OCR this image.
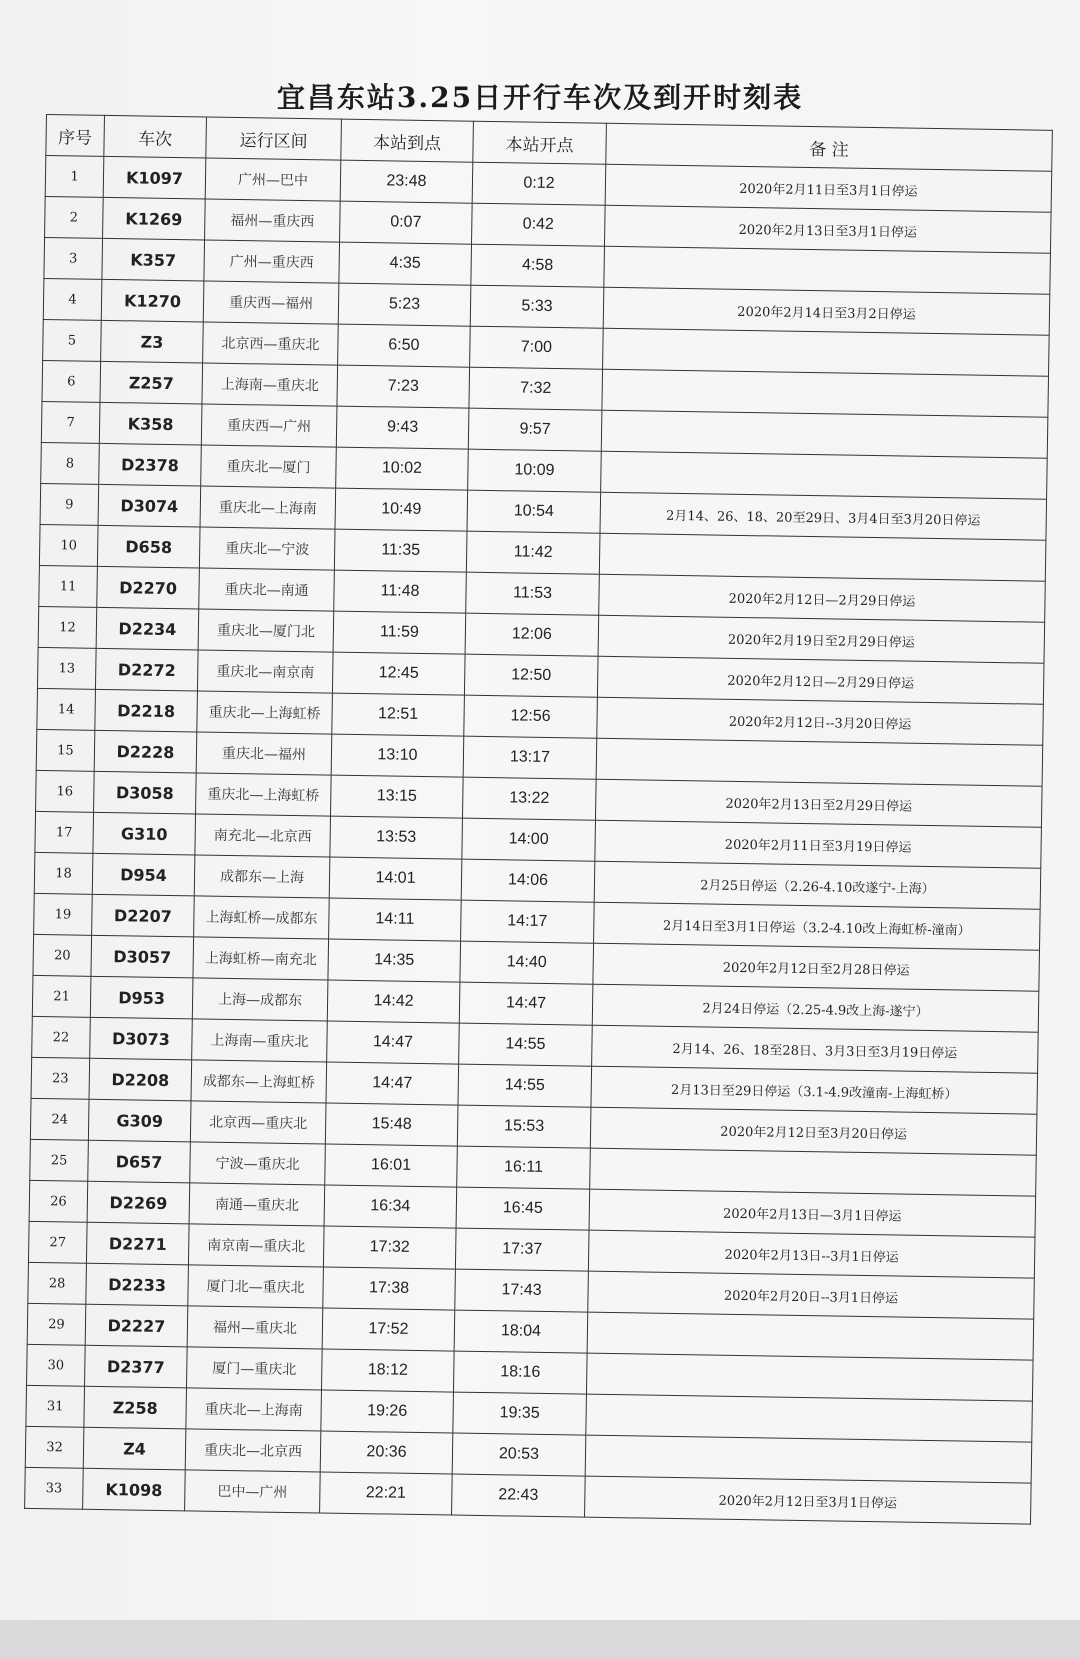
宜昌东站3.25日开行车次及到开时刻表
序号	车次	运行区间	本站到点	本站开点	备 注
1	K1097	广州—巴中	23:48	0:12	2020年2月11日至3月1日停运
2	K1269	福州—重庆西	0:07	0:42	2020年2月13日至3月1日停运
3	K357	广州—重庆西	4:35	4:58	
4	K1270	重庆西—福州	5:23	5:33	2020年2月14日至3月2日停运
5	Z3	北京西—重庆北	6:50	7:00	
6	Z257	上海南—重庆北	7:23	7:32	
7	K358	重庆西—广州	9:43	9:57	
8	D2378	重庆北—厦门	10:02	10:09	
9	D3074	重庆北—上海南	10:49	10:54	2月14、26、18、20至29日、3月4日至3月20日停运
10	D658	重庆北—宁波	11:35	11:42	
11	D2270	重庆北—南通	11:48	11:53	2020年2月12日—2月29日停运
12	D2234	重庆北—厦门北	11:59	12:06	2020年2月19日至2月29日停运
13	D2272	重庆北—南京南	12:45	12:50	2020年2月12日—2月29日停运
14	D2218	重庆北—上海虹桥	12:51	12:56	2020年2月12日--3月20日停运
15	D2228	重庆北—福州	13:10	13:17	
16	D3058	重庆北—上海虹桥	13:15	13:22	2020年2月13日至2月29日停运
17	G310	南充北—北京西	13:53	14:00	2020年2月11日至3月19日停运
18	D954	成都东—上海	14:01	14:06	2月25日停运（2.26-4.10改遂宁-上海）
19	D2207	上海虹桥—成都东	14:11	14:17	2月14日至3月1日停运（3.2-4.10改上海虹桥-潼南）
20	D3057	上海虹桥—南充北	14:35	14:40	2020年2月12日至2月28日停运
21	D953	上海—成都东	14:42	14:47	2月24日停运（2.25-4.9改上海-遂宁）
22	D3073	上海南—重庆北	14:47	14:55	2月14、26、18至28日、3月3日至3月19日停运
23	D2208	成都东—上海虹桥	14:47	14:55	2月13日至29日停运（3.1-4.9改潼南-上海虹桥）
24	G309	北京西—重庆北	15:48	15:53	2020年2月12日至3月20日停运
25	D657	宁波—重庆北	16:01	16:11	
26	D2269	南通—重庆北	16:34	16:45	2020年2月13日—3月1日停运
27	D2271	南京南—重庆北	17:32	17:37	2020年2月13日--3月1日停运
28	D2233	厦门北—重庆北	17:38	17:43	2020年2月20日--3月1日停运
29	D2227	福州—重庆北	17:52	18:04	
30	D2377	厦门—重庆北	18:12	18:16	
31	Z258	重庆北—上海南	19:26	19:35	
32	Z4	重庆北—北京西	20:36	20:53	
33	K1098	巴中—广州	22:21	22:43	2020年2月12日至3月1日停运
